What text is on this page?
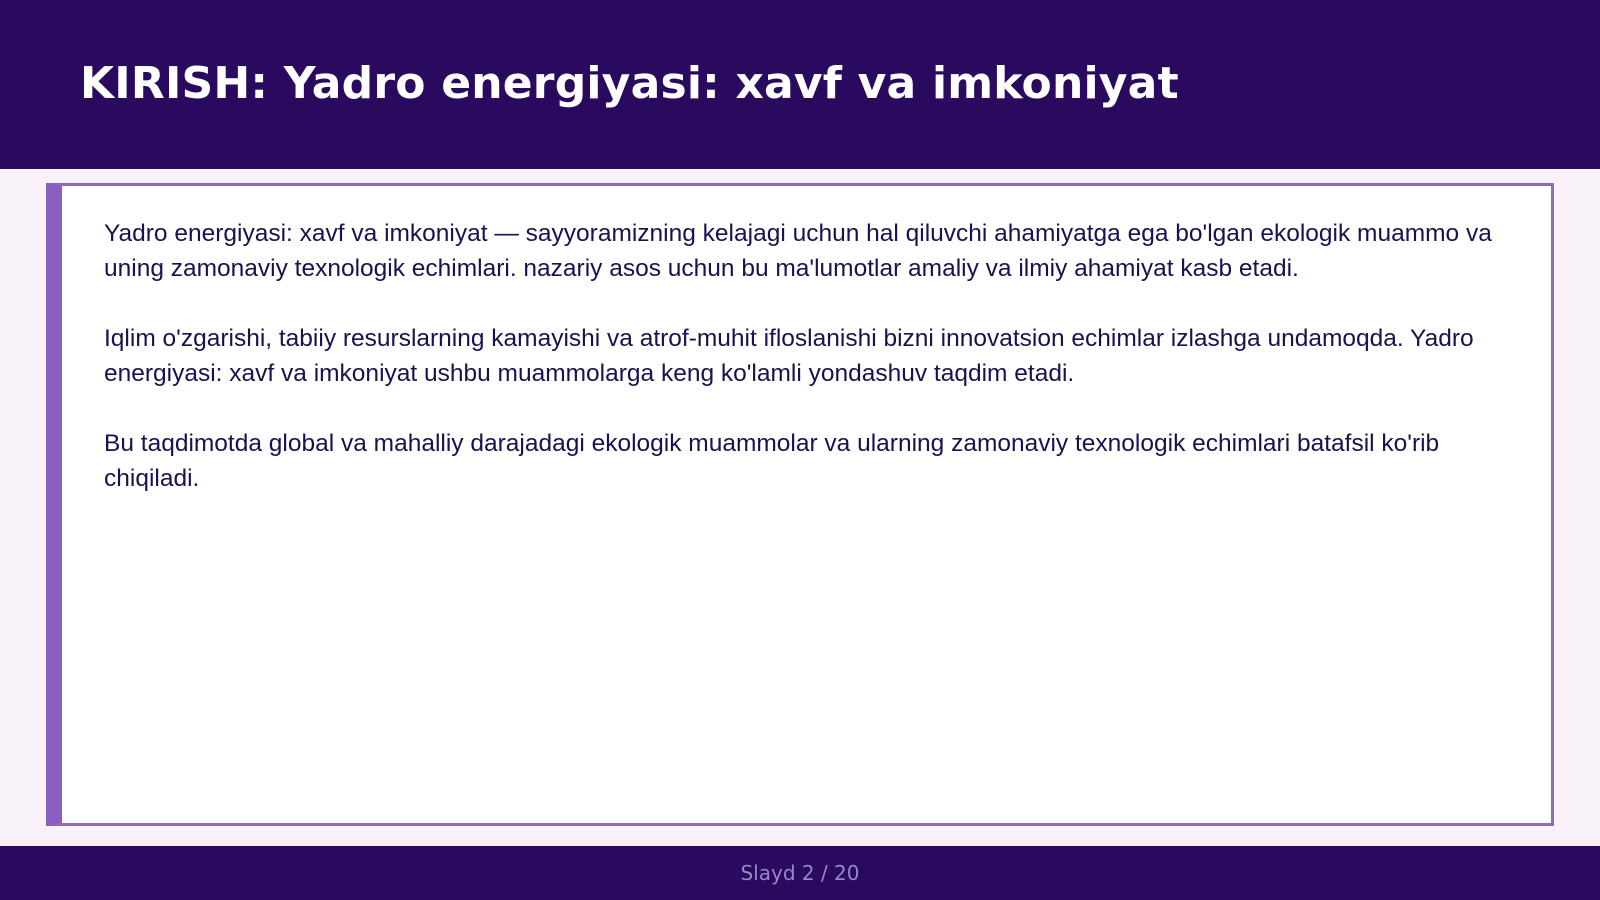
KIRISH: Yadro energiyasi: xavf va imkoniyat

Yadro energiyasi: xavf va imkoniyat — sayyoramizning kelajagi uchun hal qiluvchi ahamiyatga ega bo'lgan ekologik muammo va uning zamonaviy texnologik echimlari. nazariy asos uchun bu ma'lumotlar amaliy va ilmiy ahamiyat kasb etadi.

Iqlim o'zgarishi, tabiiy resurslarning kamayishi va atrof-muhit ifloslanishi bizni innovatsion echimlar izlashga undamoqda. Yadro energiyasi: xavf va imkoniyat ushbu muammolarga keng ko'lamli yondashuv taqdim etadi.

Bu taqdimotda global va mahalliy darajadagi ekologik muammolar va ularning zamonaviy texnologik echimlari batafsil ko'rib chiqiladi.

Slayd 2 / 20
